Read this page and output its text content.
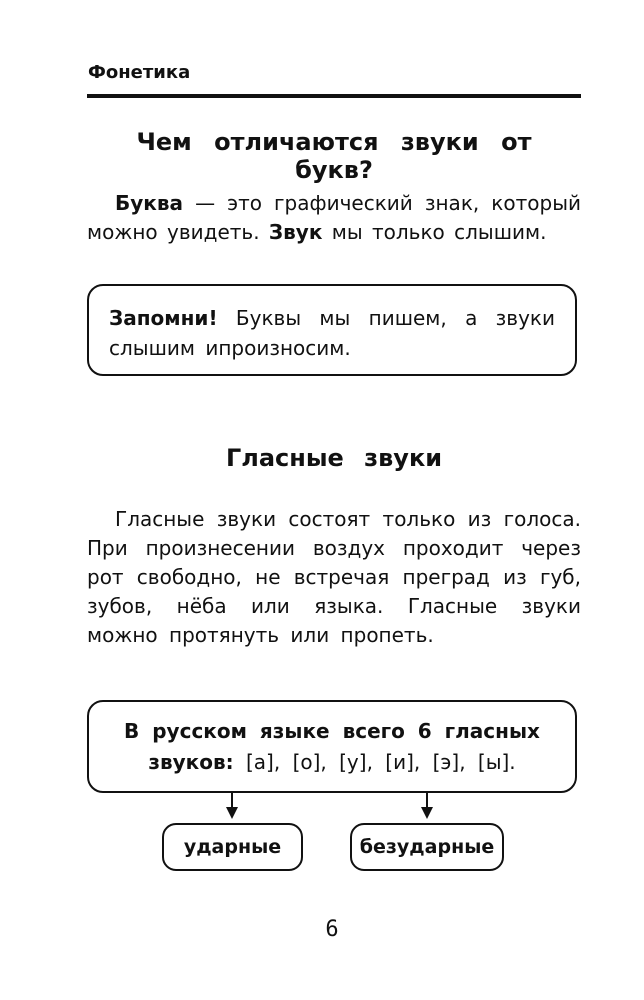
Фонетика
Чем отличаются звуки от букв?
Буква — это графический знак, который можно увидеть. Звук мы только слышим.
Запомни! Буквы мы пишем, а звуки слышим ипроизносим.
Гласные звуки
Гласные звуки состоят только из голоса. При произнесении воздух проходит через рот свободно, не встречая преград из губ, зубов, нёба или языка. Гласные звуки можно протянуть или пропеть.
В русском языке всего 6 гласных звуков: [а], [о], [у], [и], [э], [ы].
ударные	безударные
6
